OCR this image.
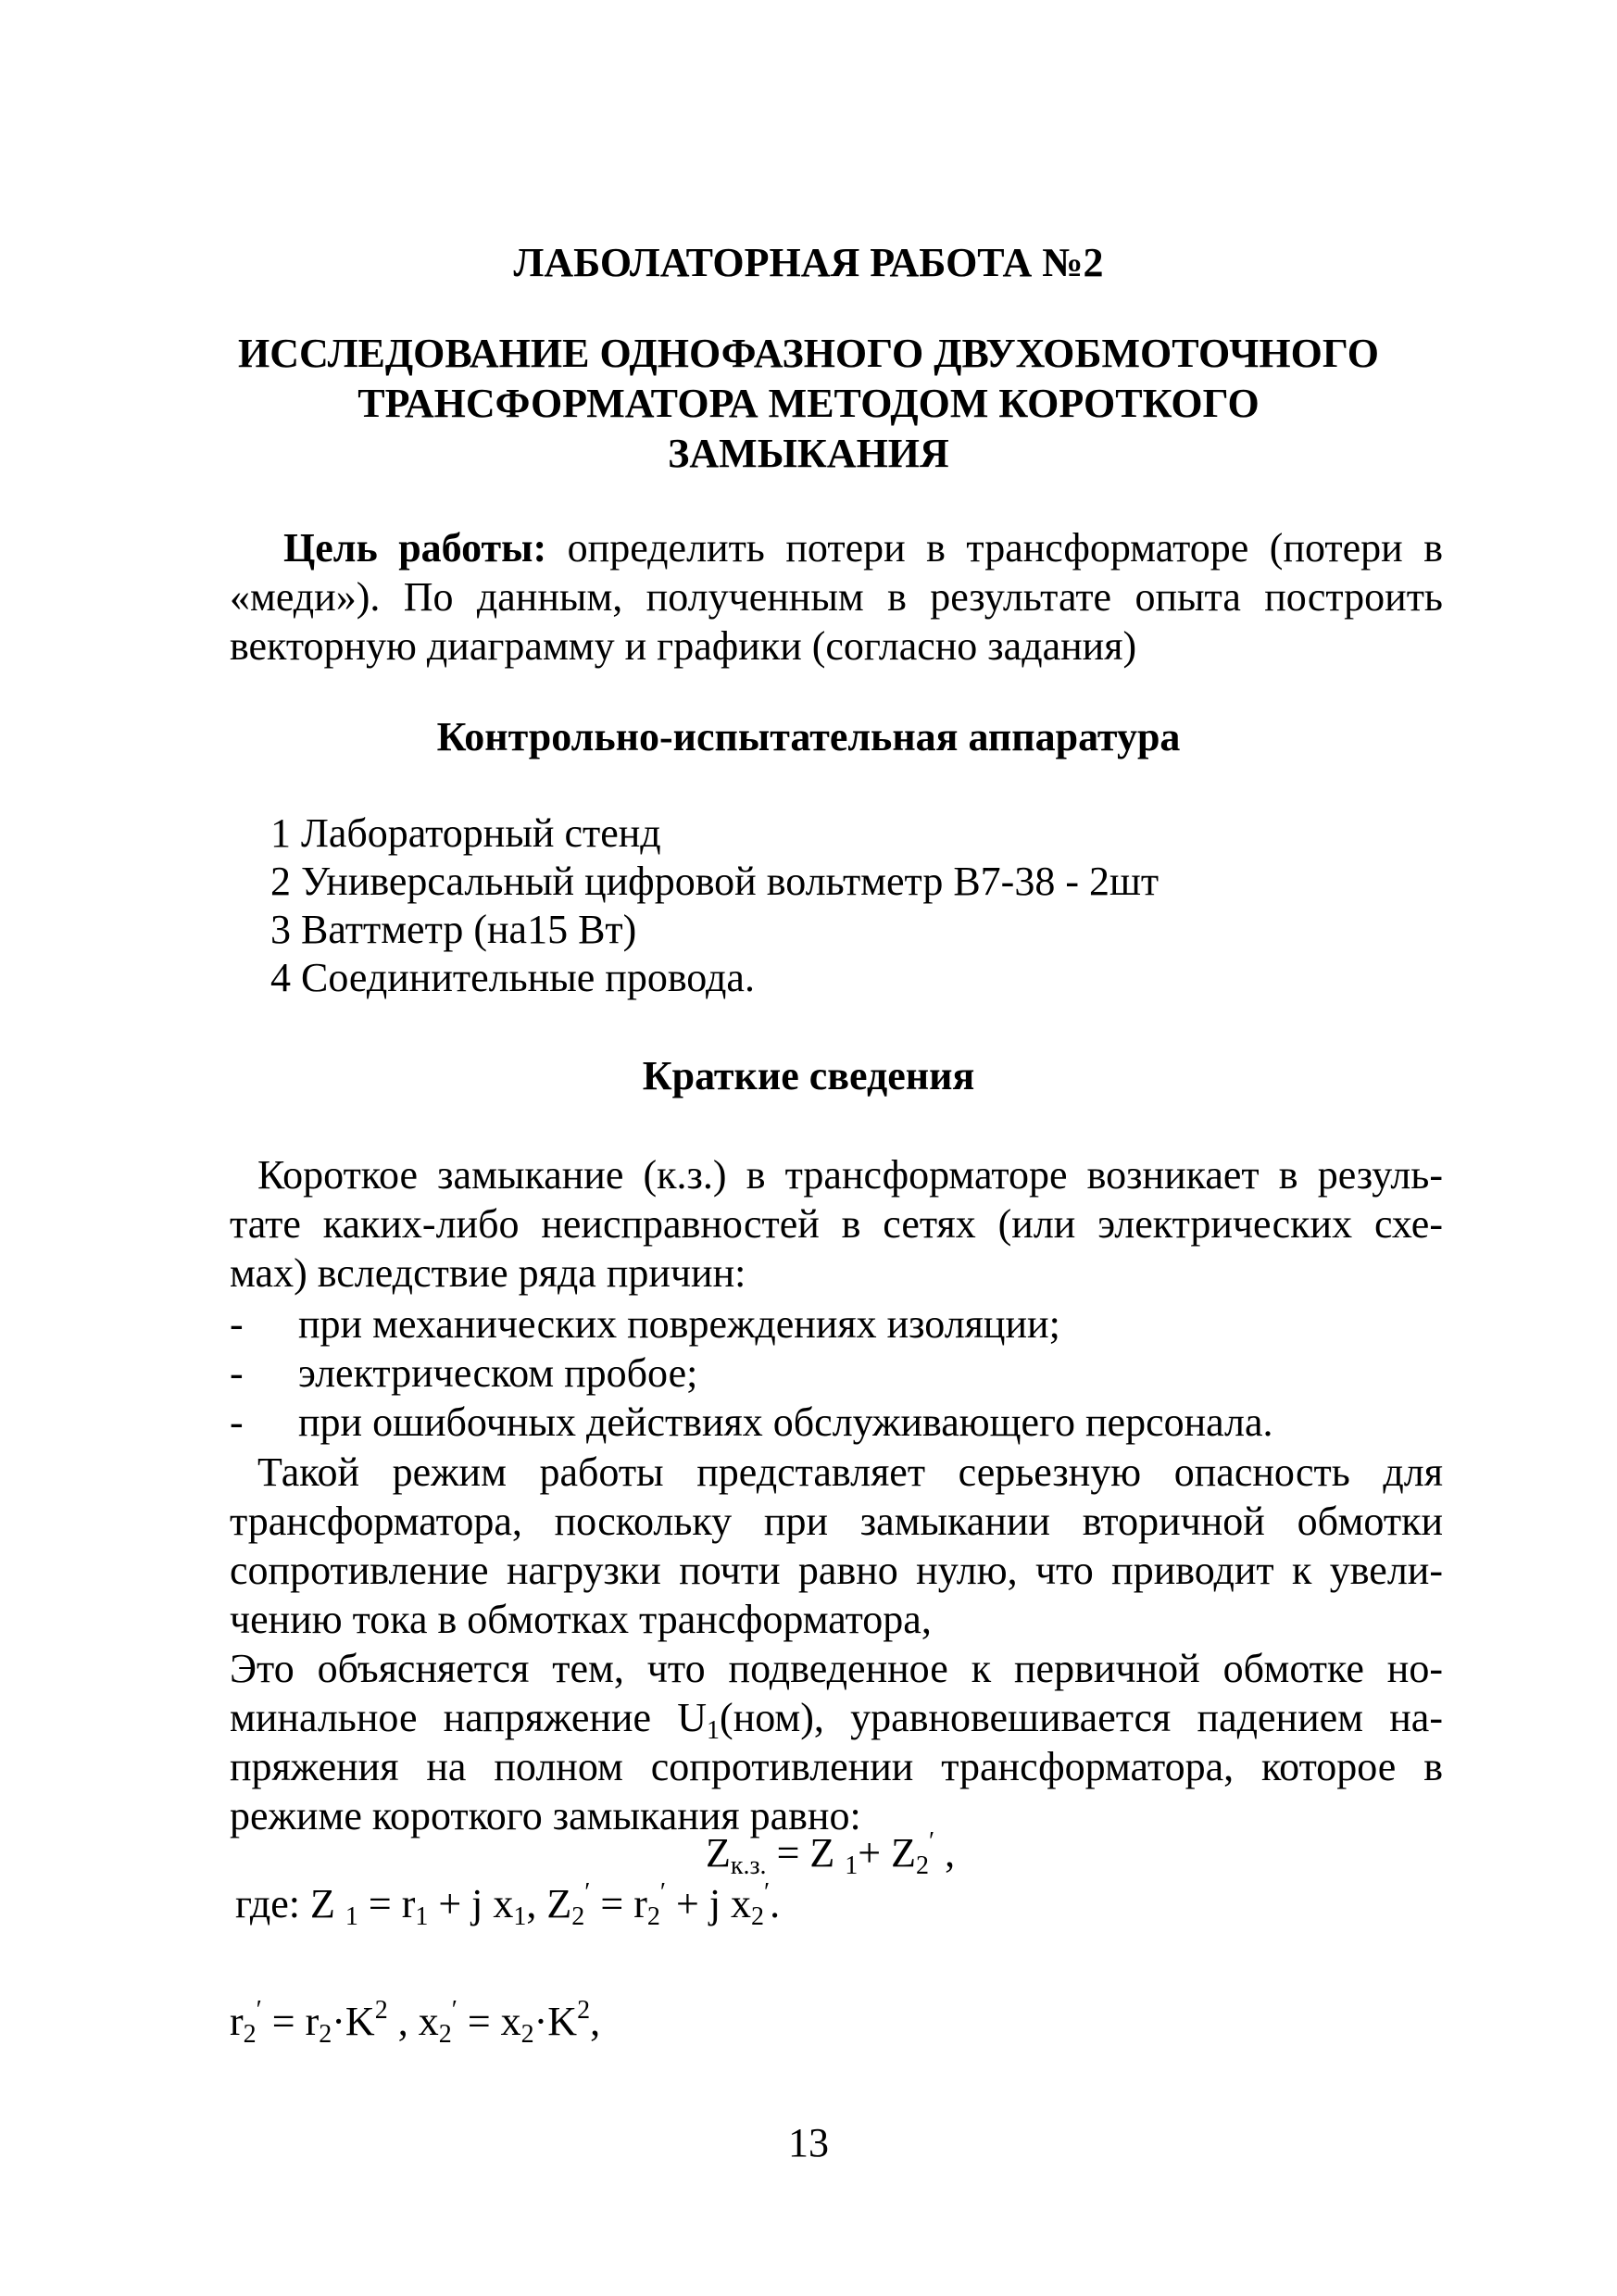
ЛАБОЛАТОРНАЯ РАБОТА №2
ИССЛЕДОВАНИЕ ОДНОФАЗНОГО ДВУХОБМОТОЧНОГО
ТРАНСФОРМАТОРА МЕТОДОМ КОРОТКОГО
ЗАМЫКАНИЯ
Цель работы: определить потери в трансформаторе (потери в
«меди»). По данным, полученным в результате опыта построить
векторную диаграмму и графики (согласно задания)
Контрольно-испытательная аппаратура
1 Лабораторный стенд
2 Универсальный цифровой вольтметр В7-38 - 2шт
3 Ваттметр (на15 Вт)
4 Соединительные провода.
Краткие сведения
Короткое замыкание (к.з.) в трансформаторе возникает в резуль-
тате каких-либо неисправностей в сетях (или электрических схе-
мах) вследствие ряда причин:
- при механических повреждениях изоляции;
- электрическом пробое;
- при ошибочных действиях обслуживающего персонала.
Такой режим работы представляет серьезную опасность для
трансформатора, поскольку при замыкании вторичной обмотки
сопротивление нагрузки почти равно нулю, что приводит к увели-
чению тока в обмотках трансформатора,
Это объясняется тем, что подведенное к первичной обмотке но-
минальное напряжение $U_1(ном)$, уравновешивается падением на-
пряжения на полном сопротивлении трансформатора, которое в
режиме короткого замыкания равно:
$Z_{к.з.} = Z$ $_1+ Z_2'$ ,
где: Z $_1 = r_1 + j$ $x_1$, $Z_2' = r_2' + j$ $x_2'$.
$r_2' = r_2\cdot K^2$ , $x_2' = x_2\cdot K^2$,
13
